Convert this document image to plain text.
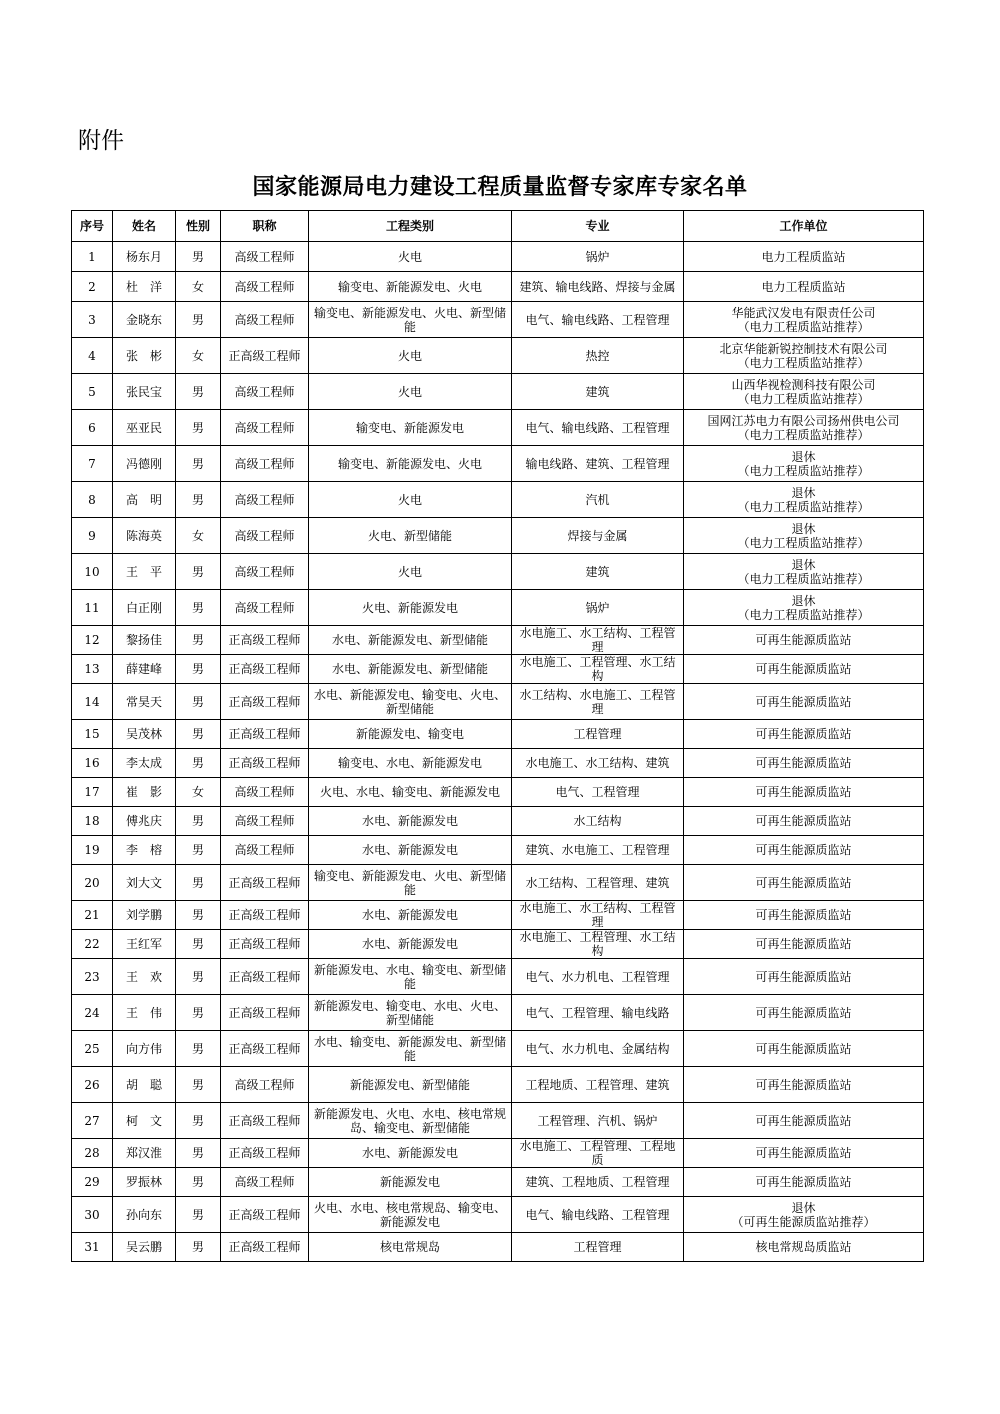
附件
国家能源局电力建设工程质量监督专家库专家名单
序号	姓名	性别	职称	工程类别	专业	工作单位
1	杨东月	男	高级工程师	火电	锅炉	电力工程质监站

2	杜　洋	女	高级工程师	输变电、新能源发电、火电	建筑、输电线路、焊接与金属	电力工程质监站

3	金晓东	男	高级工程师	输变电、新能源发电、火电、新型储能	电气、输电线路、工程管理	华能武汉发电有限责任公司
（电力工程质监站推荐）

4	张　彬	女	正高级工程师	火电	热控	北京华能新锐控制技术有限公司
（电力工程质监站推荐）

5	张民宝	男	高级工程师	火电	建筑	山西华视检测科技有限公司
（电力工程质监站推荐）

6	巫亚民	男	高级工程师	输变电、新能源发电	电气、输电线路、工程管理	国网江苏电力有限公司扬州供电公司
（电力工程质监站推荐）

7	冯德刚	男	高级工程师	输变电、新能源发电、火电	输电线路、建筑、工程管理	退休
（电力工程质监站推荐）

8	高　明	男	高级工程师	火电	汽机	退休
（电力工程质监站推荐）

9	陈海英	女	高级工程师	火电、新型储能	焊接与金属	退休
（电力工程质监站推荐）

10	王　平	男	高级工程师	火电	建筑	退休
（电力工程质监站推荐）

11	白正刚	男	高级工程师	火电、新能源发电	锅炉	退休
（电力工程质监站推荐）

12	黎扬佳	男	正高级工程师	水电、新能源发电、新型储能	水电施工、水工结构、工程管理	可再生能源质监站

13	薛建峰	男	正高级工程师	水电、新能源发电、新型储能	水电施工、工程管理、水工结构	可再生能源质监站

14	常昊天	男	正高级工程师	水电、新能源发电、输变电、火电、新型储能	水工结构、水电施工、工程管理	可再生能源质监站

15	吴茂林	男	正高级工程师	新能源发电、输变电	工程管理	可再生能源质监站

16	李太成	男	正高级工程师	输变电、水电、新能源发电	水电施工、水工结构、建筑	可再生能源质监站

17	崔　影	女	高级工程师	火电、水电、输变电、新能源发电	电气、工程管理	可再生能源质监站

18	傅兆庆	男	高级工程师	水电、新能源发电	水工结构	可再生能源质监站

19	李　榕	男	高级工程师	水电、新能源发电	建筑、水电施工、工程管理	可再生能源质监站

20	刘大文	男	正高级工程师	输变电、新能源发电、火电、新型储能	水工结构、工程管理、建筑	可再生能源质监站

21	刘学鹏	男	正高级工程师	水电、新能源发电	水电施工、水工结构、工程管理	可再生能源质监站

22	王红军	男	正高级工程师	水电、新能源发电	水电施工、工程管理、水工结构	可再生能源质监站

23	王　欢	男	正高级工程师	新能源发电、水电、输变电、新型储能	电气、水力机电、工程管理	可再生能源质监站

24	王　伟	男	正高级工程师	新能源发电、输变电、水电、火电、新型储能	电气、工程管理、输电线路	可再生能源质监站

25	向方伟	男	正高级工程师	水电、输变电、新能源发电、新型储能	电气、水力机电、金属结构	可再生能源质监站

26	胡　聪	男	高级工程师	新能源发电、新型储能	工程地质、工程管理、建筑	可再生能源质监站

27	柯　文	男	正高级工程师	新能源发电、火电、水电、核电常规岛、输变电、新型储能	工程管理、汽机、锅炉	可再生能源质监站

28	郑汉淮	男	正高级工程师	水电、新能源发电	水电施工、工程管理、工程地质	可再生能源质监站

29	罗振林	男	高级工程师	新能源发电	建筑、工程地质、工程管理	可再生能源质监站

30	孙向东	男	正高级工程师	火电、水电、核电常规岛、输变电、新能源发电	电气、输电线路、工程管理	退休
（可再生能源质监站推荐）

31	吴云鹏	男	正高级工程师	核电常规岛	工程管理	核电常规岛质监站
